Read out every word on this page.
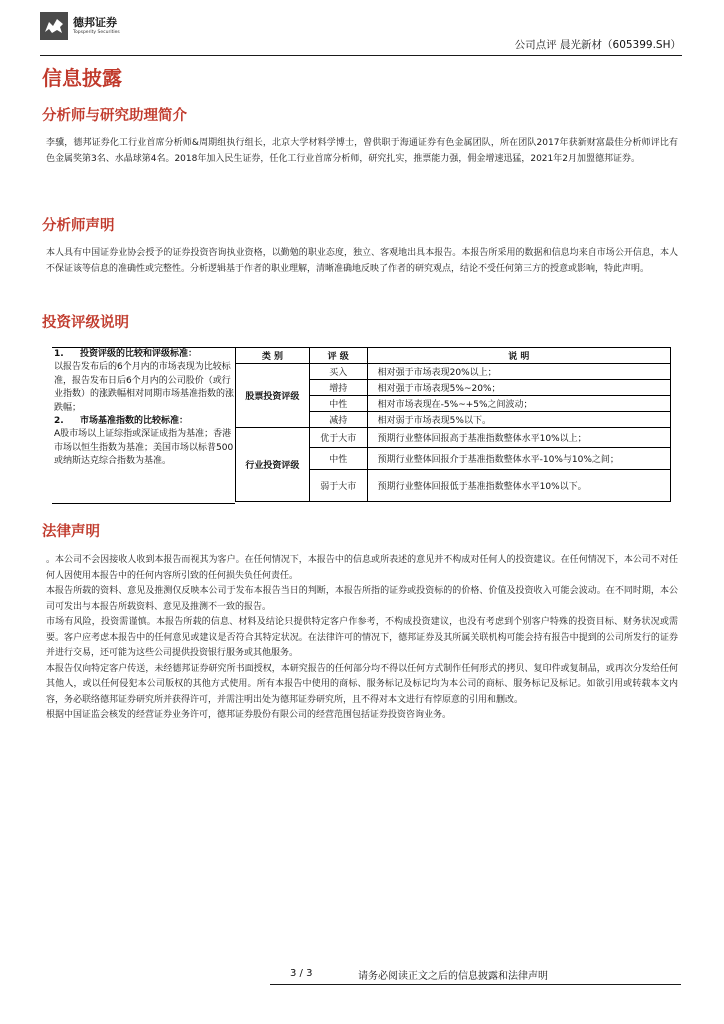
德邦证券
Topsperity Securities
公司点评 晨光新材（605399.SH）
信息披露
分析师与研究助理简介
李骥，德邦证券化工行业首席分析师&周期组执行组长，北京大学材料学博士，曾供职于海通证券有色金属团队，所在团队2017年获新财富最佳分析师评比有色金属奖第3名、水晶球第4名。2018年加入民生证券，任化工行业首席分析师，研究扎实，推票能力强，佣金增速迅猛，2021年2月加盟德邦证券。
分析师声明
本人具有中国证券业协会授予的证券投资咨询执业资格，以勤勉的职业态度，独立、客观地出具本报告。本报告所采用的数据和信息均来自市场公开信息，本人不保证该等信息的准确性或完整性。分析逻辑基于作者的职业理解，清晰准确地反映了作者的研究观点，结论不受任何第三方的授意或影响，特此声明。
投资评级说明
1. 投资评级的比较和评级标准：
以报告发布后的6个月内的市场表现为比较标准，报告发布日后6个月内的公司股价（或行业指数）的涨跌幅相对同期市场基准指数的涨跌幅；
2. 市场基准指数的比较标准：
A股市场以上证综指或深证成指为基准；香港市场以恒生指数为基准；美国市场以标普500或纳斯达克综合指数为基准。
类 别	评 级	说 明
股票投资评级	买入	相对强于市场表现20%以上；
	增持	相对强于市场表现5%~20%；
	中性	相对市场表现在-5%~+5%之间波动；
	减持	相对弱于市场表现5%以下。
行业投资评级	优于大市	预期行业整体回报高于基准指数整体水平10%以上；
	中性	预期行业整体回报介于基准指数整体水平-10%与10%之间；
	弱于大市	预期行业整体回报低于基准指数整体水平10%以下。
法律声明

。本公司不会因接收人收到本报告而视其为客户。在任何情况下，本报告中的信息或所表述的意见并不构成对任何人的投资建议。在任何情况下，本公司不对任何人因使用本报告中的任何内容所引致的任何损失负任何责任。

本报告所载的资料、意见及推测仅反映本公司于发布本报告当日的判断，本报告所指的证券或投资标的的价格、价值及投资收入可能会波动。在不同时期，本公司可发出与本报告所载资料、意见及推测不一致的报告。

市场有风险，投资需谨慎。本报告所载的信息、材料及结论只提供特定客户作参考，不构成投资建议，也没有考虑到个别客户特殊的投资目标、财务状况或需要。客户应考虑本报告中的任何意见或建议是否符合其特定状况。在法律许可的情况下，德邦证券及其所属关联机构可能会持有报告中提到的公司所发行的证券并进行交易，还可能为这些公司提供投资银行服务或其他服务。

本报告仅向特定客户传送，未经德邦证券研究所书面授权，本研究报告的任何部分均不得以任何方式制作任何形式的拷贝、复印件或复制品，或再次分发给任何其他人，或以任何侵犯本公司版权的其他方式使用。所有本报告中使用的商标、服务标记及标记均为本公司的商标、服务标记及标记。如欲引用或转载本文内容，务必联络德邦证券研究所并获得许可，并需注明出处为德邦证券研究所，且不得对本文进行有悖原意的引用和删改。

根据中国证监会核发的经营证券业务许可，德邦证券股份有限公司的经营范围包括证券投资咨询业务。

3 / 3	请务必阅读正文之后的信息披露和法律声明
